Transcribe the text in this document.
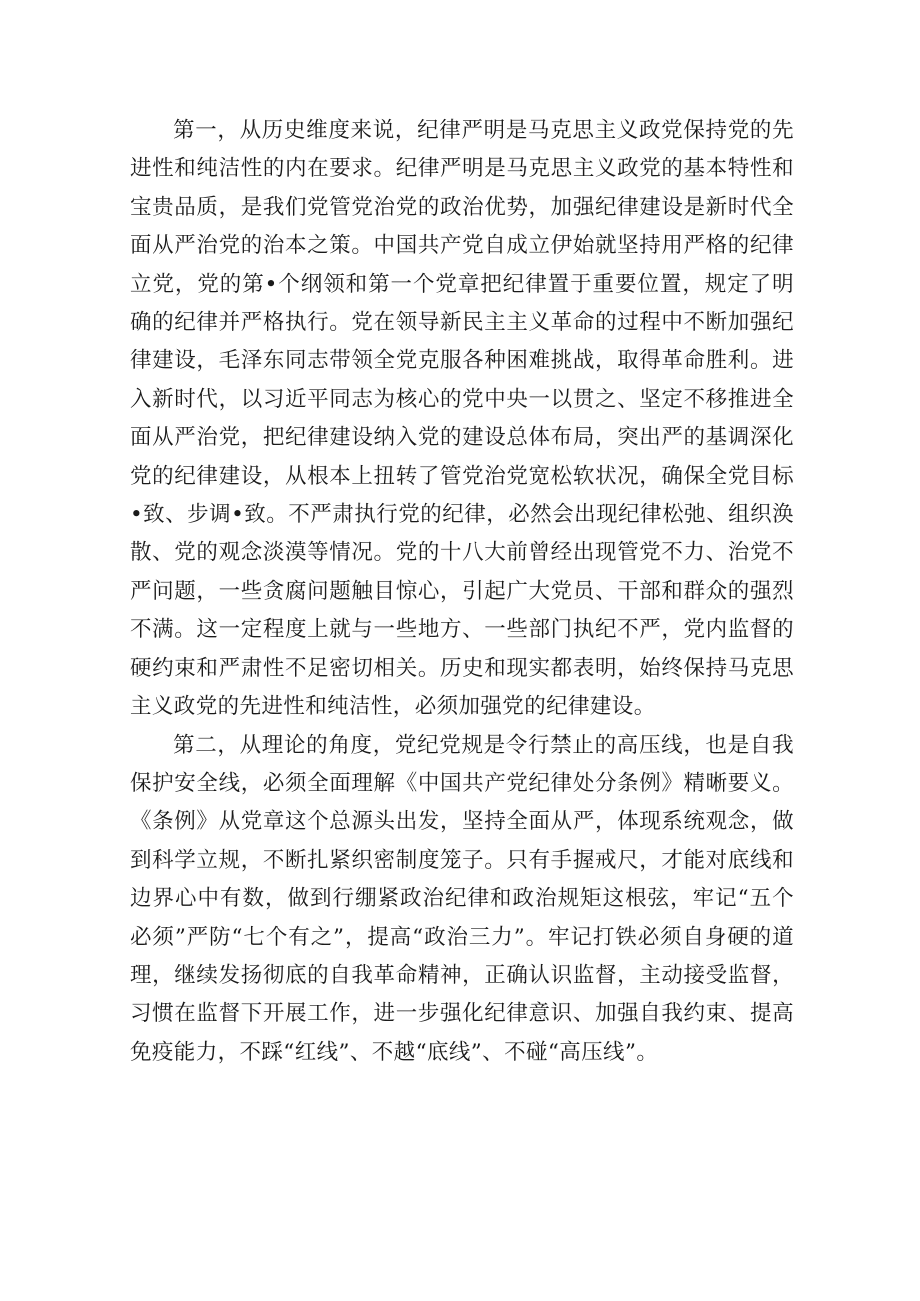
第一，从历史维度来说，纪律严明是马克思主义政党保持党的先进性和纯洁性的内在要求。纪律严明是马克思主义政党的基本特性和宝贵品质，是我们党管党治党的政治优势，加强纪律建设是新时代全面从严治党的治本之策。中国共产党自成立伊始就坚持用严格的纪律立党，党的第•个纲领和第一个党章把纪律置于重要位置，规定了明确的纪律并严格执行。党在领导新民主主义革命的过程中不断加强纪律建设，毛泽东同志带领全党克服各种困难挑战，取得革命胜利。进入新时代，以习近平同志为核心的党中央一以贯之、坚定不移推进全面从严治党，把纪律建设纳入党的建设总体布局，突出严的基调深化党的纪律建设，从根本上扭转了管党治党宽松软状况，确保全党目标•致、步调•致。不严肃执行党的纪律，必然会出现纪律松弛、组织涣散、党的观念淡漠等情况。党的十八大前曾经出现管党不力、治党不严问题，一些贪腐问题触目惊心，引起广大党员、干部和群众的强烈不满。这一定程度上就与一些地方、一些部门执纪不严，党内监督的硬约束和严肃性不足密切相关。历史和现实都表明，始终保持马克思主义政党的先进性和纯洁性，必须加强党的纪律建设。

第二，从理论的角度，党纪党规是令行禁止的高压线，也是自我保护安全线，必须全面理解《中国共产党纪律处分条例》精晰要义。《条例》从党章这个总源头出发，坚持全面从严，体现系统观念，做到科学立规，不断扎紧织密制度笼子。只有手握戒尺，才能对底线和边界心中有数，做到行绷紧政治纪律和政治规矩这根弦，牢记“五个必须”严防“七个有之”，提高“政治三力”。牢记打铁必须自身硬的道理，继续发扬彻底的自我革命精神，正确认识监督，主动接受监督，习惯在监督下开展工作，进一步强化纪律意识、加强自我约束、提高免疫能力，不踩“红线”、不越“底线”、不碰“高压线”。
